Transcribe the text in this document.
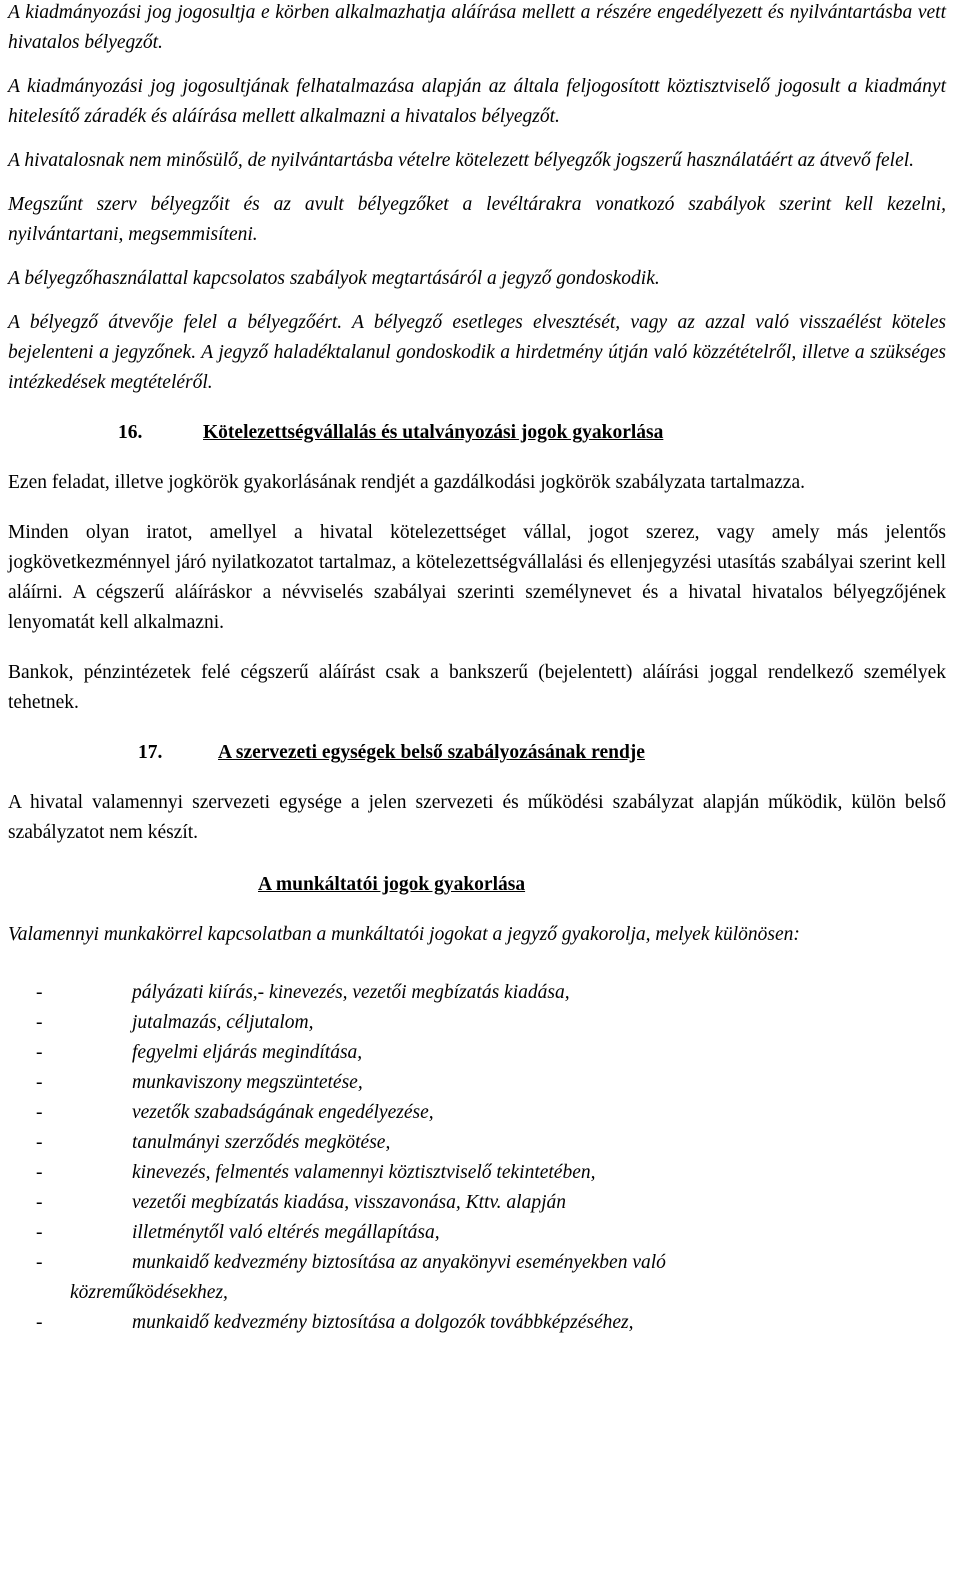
A kiadmányozási jog jogosultja e körben alkalmazhatja aláírása mellett a részére engedélyezett és nyilvántartásba vett hivatalos bélyegzőt.

A kiadmányozási jog jogosultjának felhatalmazása alapján az általa feljogosított köztisztviselő jogosult a kiadmányt hitelesítő záradék és aláírása mellett alkalmazni a hivatalos bélyegzőt.

A hivatalosnak nem minősülő, de nyilvántartásba vételre kötelezett bélyegzők jogszerű használatáért az átvevő felel.

Megszűnt szerv bélyegzőit és az avult bélyegzőket a levéltárakra vonatkozó szabályok szerint kell kezelni, nyilvántartani, megsemmisíteni.

A bélyegzőhasználattal kapcsolatos szabályok megtartásáról a jegyző gondoskodik.

A bélyegző átvevője felel a bélyegzőért. A bélyegző esetleges elvesztését, vagy az azzal való visszaélést köteles bejelenteni a jegyzőnek. A jegyző haladéktalanul gondoskodik a hirdetmény útján való közzétételről, illetve a szükséges intézkedések megtételéről.

16.	Kötelezettségvállalás és utalványozási jogok gyakorlása

Ezen feladat, illetve jogkörök gyakorlásának rendjét a gazdálkodási jogkörök szabályzata tartalmazza.

Minden olyan iratot, amellyel a hivatal kötelezettséget vállal, jogot szerez, vagy amely más jelentős jogkövetkezménnyel járó nyilatkozatot tartalmaz, a kötelezettségvállalási és ellenjegyzési utasítás szabályai szerint kell aláírni. A cégszerű aláíráskor a névviselés szabályai szerinti személynevet és a hivatal hivatalos bélyegzőjének lenyomatát kell alkalmazni.

Bankok, pénzintézetek felé cégszerű aláírást csak a bankszerű (bejelentett) aláírási joggal rendelkező személyek tehetnek.

17.	A szervezeti egységek belső szabályozásának rendje

A hivatal valamennyi szervezeti egysége a jelen szervezeti és működési szabályzat alapján működik, külön belső szabályzatot nem készít.

A munkáltatói jogok gyakorlása

Valamennyi munkakörrel kapcsolatban a munkáltatói jogokat a jegyző gyakorolja, melyek különösen:

-	pályázati kiírás,- kinevezés, vezetői megbízatás kiadása,
-	jutalmazás, céljutalom,
-	fegyelmi eljárás megindítása,
-	munkaviszony megszüntetése,
-	vezetők szabadságának engedélyezése,
-	tanulmányi szerződés megkötése,
-	kinevezés, felmentés valamennyi köztisztviselő tekintetében,
-	vezetői megbízatás kiadása, visszavonása, Kttv. alapján
-	illetménytől való eltérés megállapítása,
-	munkaidő kedvezmény biztosítása az anyakönyvi eseményekben való
közreműködésekhez,
-	munkaidő kedvezmény biztosítása a dolgozók továbbképzéséhez,
